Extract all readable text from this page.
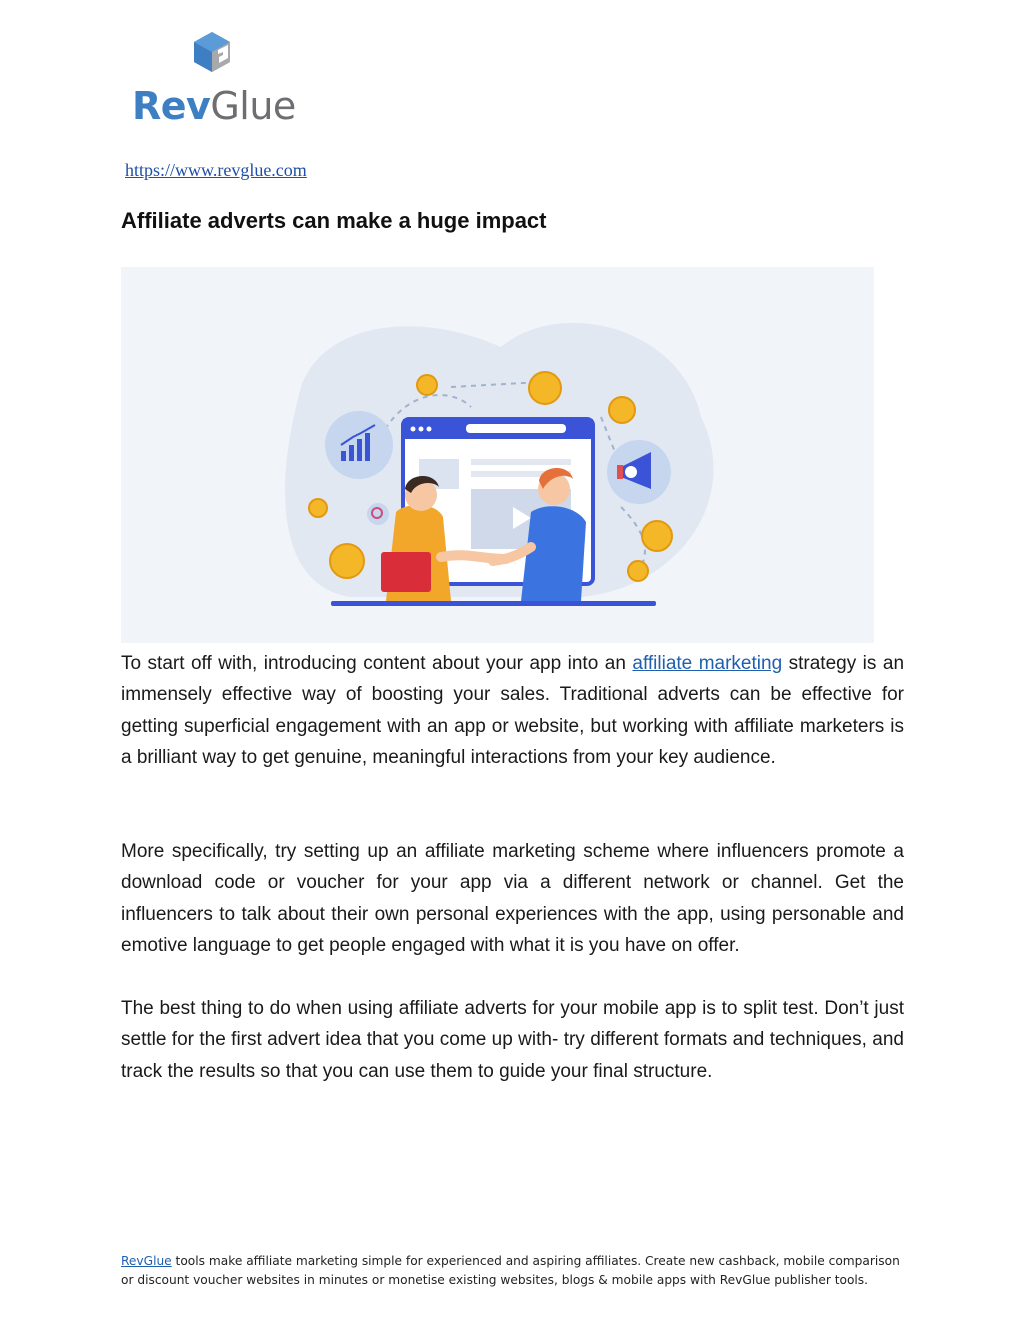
RevGlue
https://www.revglue.com
Affiliate adverts can make a huge impact

To start off with, introducing content about your app into an affiliate marketing strategy is an immensely effective way of boosting your sales. Traditional adverts can be effective for getting superficial engagement with an app or website, but working with affiliate marketers is a brilliant way to get genuine, meaningful interactions from your key audience.

More specifically, try setting up an affiliate marketing scheme where influencers promote a download code or voucher for your app via a different network or channel. Get the influencers to talk about their own personal experiences with the app, using personable and emotive language to get people engaged with what it is you have on offer.

The best thing to do when using affiliate adverts for your mobile app is to split test. Don’t just settle for the first advert idea that you come up with- try different formats and techniques, and track the results so that you can use them to guide your final structure.

RevGlue tools make affiliate marketing simple for experienced and aspiring affiliates. Create new cashback, mobile comparison or discount voucher websites in minutes or monetise existing websites, blogs & mobile apps with RevGlue publisher tools.
